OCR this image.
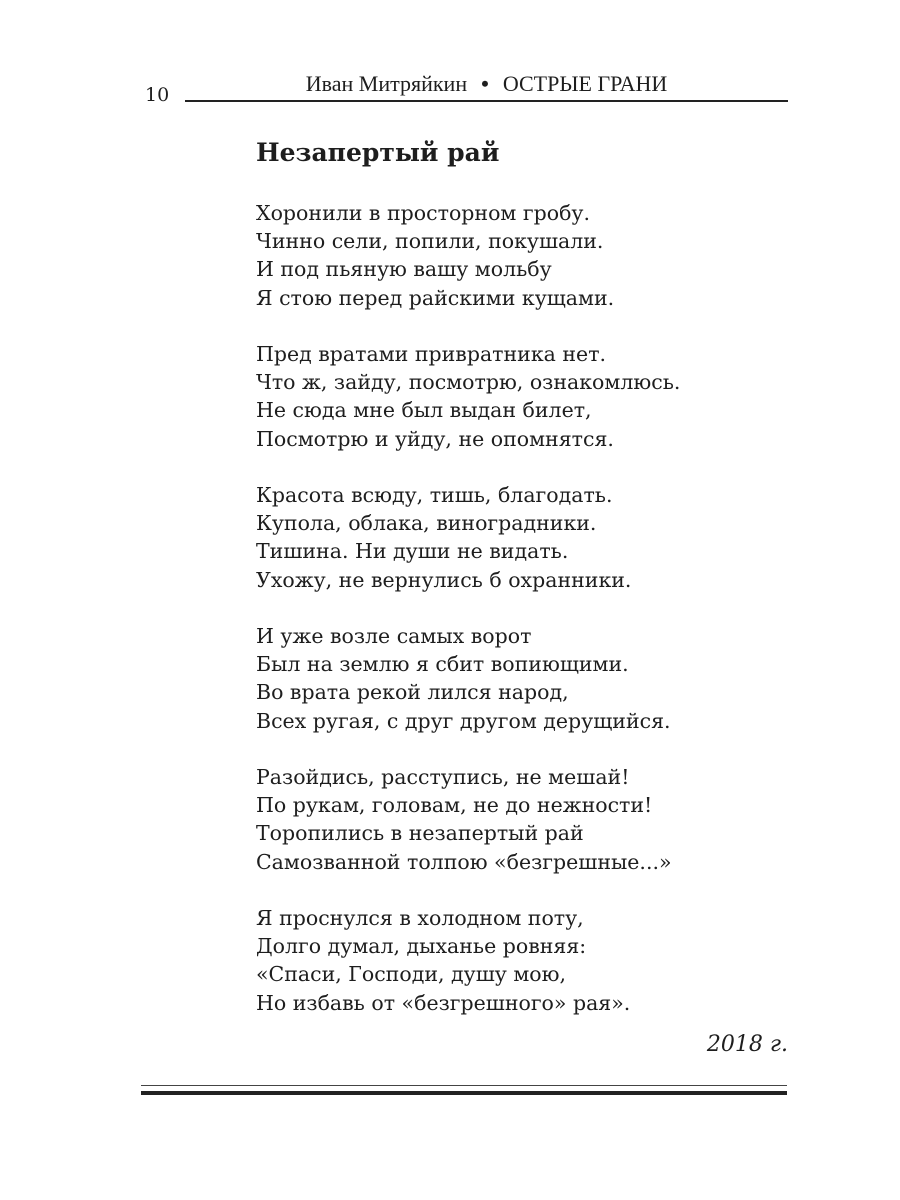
10	Иван Митряйкин • ОСТРЫЕ ГРАНИ
Незапертый рай
Хоронили в просторном гробу.
Чинно сели, попили, покушали.
И под пьяную вашу мольбу
Я стою перед райскими кущами.
Пред вратами привратника нет.
Что ж, зайду, посмотрю, ознакомлюсь.
Не сюда мне был выдан билет,
Посмотрю и уйду, не опомнятся.
Красота всюду, тишь, благодать.
Купола, облака, виноградники.
Тишина. Ни души не видать.
Ухожу, не вернулись б охранники.
И уже возле самых ворот
Был на землю я сбит вопиющими.
Во врата рекой лился народ,
Всех ругая, с друг другом дерущийся.
Разойдись, расступись, не мешай!
По рукам, головам, не до нежности!
Торопились в незапертый рай
Самозванной толпою «безгрешные...»
Я проснулся в холодном поту,
Долго думал, дыханье ровняя:
«Спаси, Господи, душу мою,
Но избавь от «безгрешного» рая».
2018 г.
